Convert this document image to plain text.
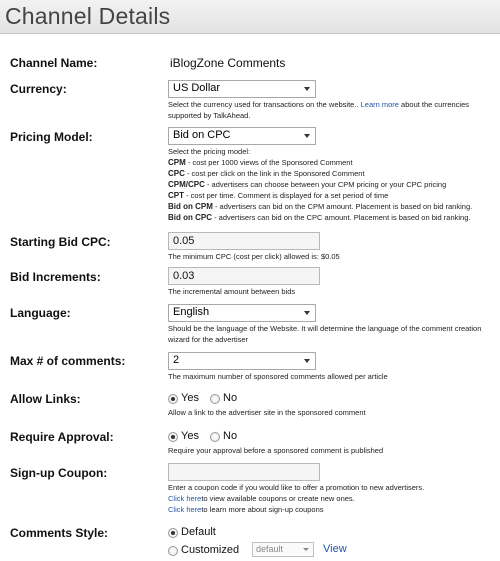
Channel Details
Channel Name:	iBlogZone Comments
Currency:	US Dollar
Select the currency used for transactions on the website.. Learn more about the currencies supported by TalkAhead.
Pricing Model:	Bid on CPC
Select the pricing model:
CPM - cost per 1000 views of the Sponsored Comment
CPC - cost per click on the link in the Sponsored Comment
CPM/CPC - advertisers can choose between your CPM pricing or your CPC pricing
CPT - cost per time. Comment is displayed for a set period of time
Bid on CPM - advertisers can bid on the CPM amount. Placement is based on bid ranking.
Bid on CPC - advertisers can bid on the CPC amount. Placement is based on bid ranking.
Starting Bid CPC:	0.05
The minimum CPC (cost per click) allowed is: $0.05
Bid Increments:	0.03
The incremental amount between bids
Language:	English
Should be the language of the Website. It will determine the language of the comment creation wizard for the advertiser
Max # of comments:	2
The maximum number of sponsored comments allowed per article
Allow Links:	Yes No
Allow a link to the advertiser site in the sponsored comment
Require Approval:	Yes No
Require your approval before a sponsored comment is published
Sign-up Coupon:
Enter a coupon code if you would like to offer a promotion to new advertisers.
Click hereto view available coupons or create new ones.
Click hereto learn more about sign-up coupons
Comments Style:	Default
Customized	default	View
